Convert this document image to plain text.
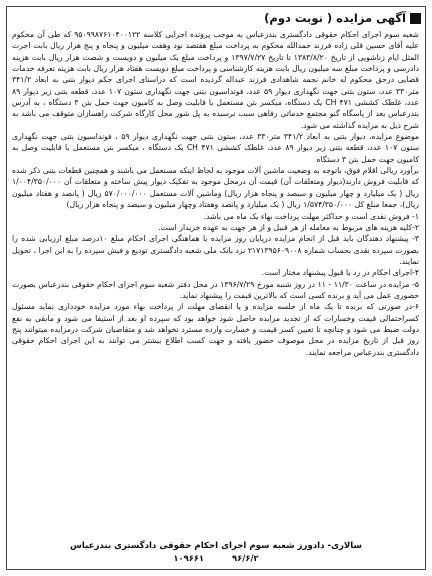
آگهی مزایده ( نوبت دوم)

شعبه سوم اجرای احکام حقوقی دادگستری بندرعباس به موجب پرونده اجرایی کلاسه ۹۵۰۹۹۸۷۶۱۰۴۰۰۱۲۲ که طی آن محکوم علیه آقای حسین قلی زاده فرزند حمدالله محکوم به پرداخت مبلغ هفتصد نود وهفت میلیون و پنجاه و پنج هزار ریال بابت اجرت المثل ایام زناشویی از تاریخ ۱۳۸۳/۸/۲۰ تا تاریخ ۱۳۹۷/۷/۲۷ و پرداخت مبلغ یک میلیون و دویست و شصت هزار ریال بابت هزینه دادرسی و پرداخت مبلغ سه میلیون ریال بابت هزینه کارشناسی و پرداخت مبلغ دویست هفتاد هزار ریال بابت هزینه تعرفه خدمات قضایی درحق محکوم له خانم نجمه شاهدادی فرزند عبداله گردیده است که دراستای اجرای حکم دیوار بتنی به ابعاد ۳۴۱/۲ متر۳۳۰ عدد، ستون بتنی جهت نگهداری دیوار ۵۹ عدد، فونداسیون بتنی جهت نگهداری ستون ۱۰۷ عدد، قطعه بتنی زیر دیوار ۸۹ عدد، غلطک کششی ۴۷۱ CH یک دستگاه، میکسر بتن مستعمل با قابلیت وصل به کامیون جهت حمل بتن ۳ دستگاه ، به آدرس بندرعباس بعد از پاسگاه گنو مجتمع خدماتی رفاهی سبب نرسیده به پل شور محل کارگاه شرکت راهسازان متوقف می باشد به شرح ذیل به مزایده گذاشته می شود.

موضوع مزایده، دیوار بتنی به ابعاد ۳۴۱/۲ متر۳۳۰ عدد، ستون بتنی جهت نگهداری دیوار ۵۹ ، فونداسیون بتنی جهت نگهداری ستون ۱۰۷ عدد، قطعه بتنی زیر دیوار ۸۹ عدد، غلطک کششی ۴۷۱ CH یک دستگاه ، میکسر بتن مستعمل با قابلیت وصل به کامیون جهت حمل بتن ۳ دستگاه

برآورد ریالی اقلام فوق، باتوجه به وضعیت ماشین آلات موجود به لحاظ اینکه مستعمل می باشند و همچنین قطعات بتنی ذکر شده که قابلیت فروش دارند(دیوار ومتعلقات آن) قیمت آن درمحل موجود به تفکیک دیوار پیش ساخته و متعلقات آن ۱/۰۰۴/۳۵۰/۰۰۰ ریال ( یک میلیارد و چهار میلیون و سیصد و پنجاه هزار ریال) وماشین آلات مستعمل ۵۷۰/۰۰۰/۰۰۰ ریال ( پانصد و هفتاد میلیون ریال)، جمعا مبلغ کل ۱/۵۷۴/۳۵۰/۰۰۰ ریال ( یک میلیارد و پانصد وهفتاد وچهار میلیون و سیصد و پنجاه هزار ریال)

۱- فروش نقدی است و حداکثر مهلت پرداخت بهاء یک ماه می باشد.

۲-کلیه هزینه های مربوط به معامله از هر قبیل و از هر جهت به عهده خریدار است.

۳- پیشنهاد دهندگان باید قبل از انجام مزایده درپایان روز مزایده با هماهنگی اجرای احکام مبلغ ۱۰درصد مبلغ ارزیابی شده را بصورت سپرده نقدی بحساب شماره ۲۱۷۱۳۹۵۶۰۹۰۰۸ نزد بانک ملی شعبه دادگستری تودیع و فیش سپرده را به این اجرا ، تحویل نمایند.

۴-اجرای احکام در رد یا قبول پیشنهاد مختار است.

۵- مزایده در ساعت ۱۱/۳۰ - ۱۱ در روز شنبه مورخ ۱۳۹۶/۷/۲۹ در محل دفتر شعبه سوم اجرای احکام حقوقی بندرعباس بصورت حضوری عمل می آید و برنده کسی است که بالاترین قیمت را پیشنهاد نماید.

۶-در صورتی که برنده تا یک ماه از جلسه مزایده و یا انقضای مهلت از پرداخت بهاء مورد مزایده خودداری نماید مسئول کسراحتمالی قیمت وخسارات که از تجدید مزایده حاصل شود خواهد بود که سپرده او بعد از استیفا می شود و مابقی به نفع دولت ضبط می شود و چنانچه تا تعیین کسر قیمت و خسارت وارده مسترد نخواهد شد و متقاضیان شرکت درمزایده میتوانند پنج روز قبل از تاریخ مزایده در محل موصوف حضور یافته و جهت کسب اطلاع بیشتر می توانند به این اجرای احکام حقوقی دادگستری بندرعباس مراجعه نمایند.

سالاری- دادورز شعبه سوم اجرای احکام حقوقی دادگستری بندرعباس
۹۶/۶/۲
۱۰۹۶۶۱
